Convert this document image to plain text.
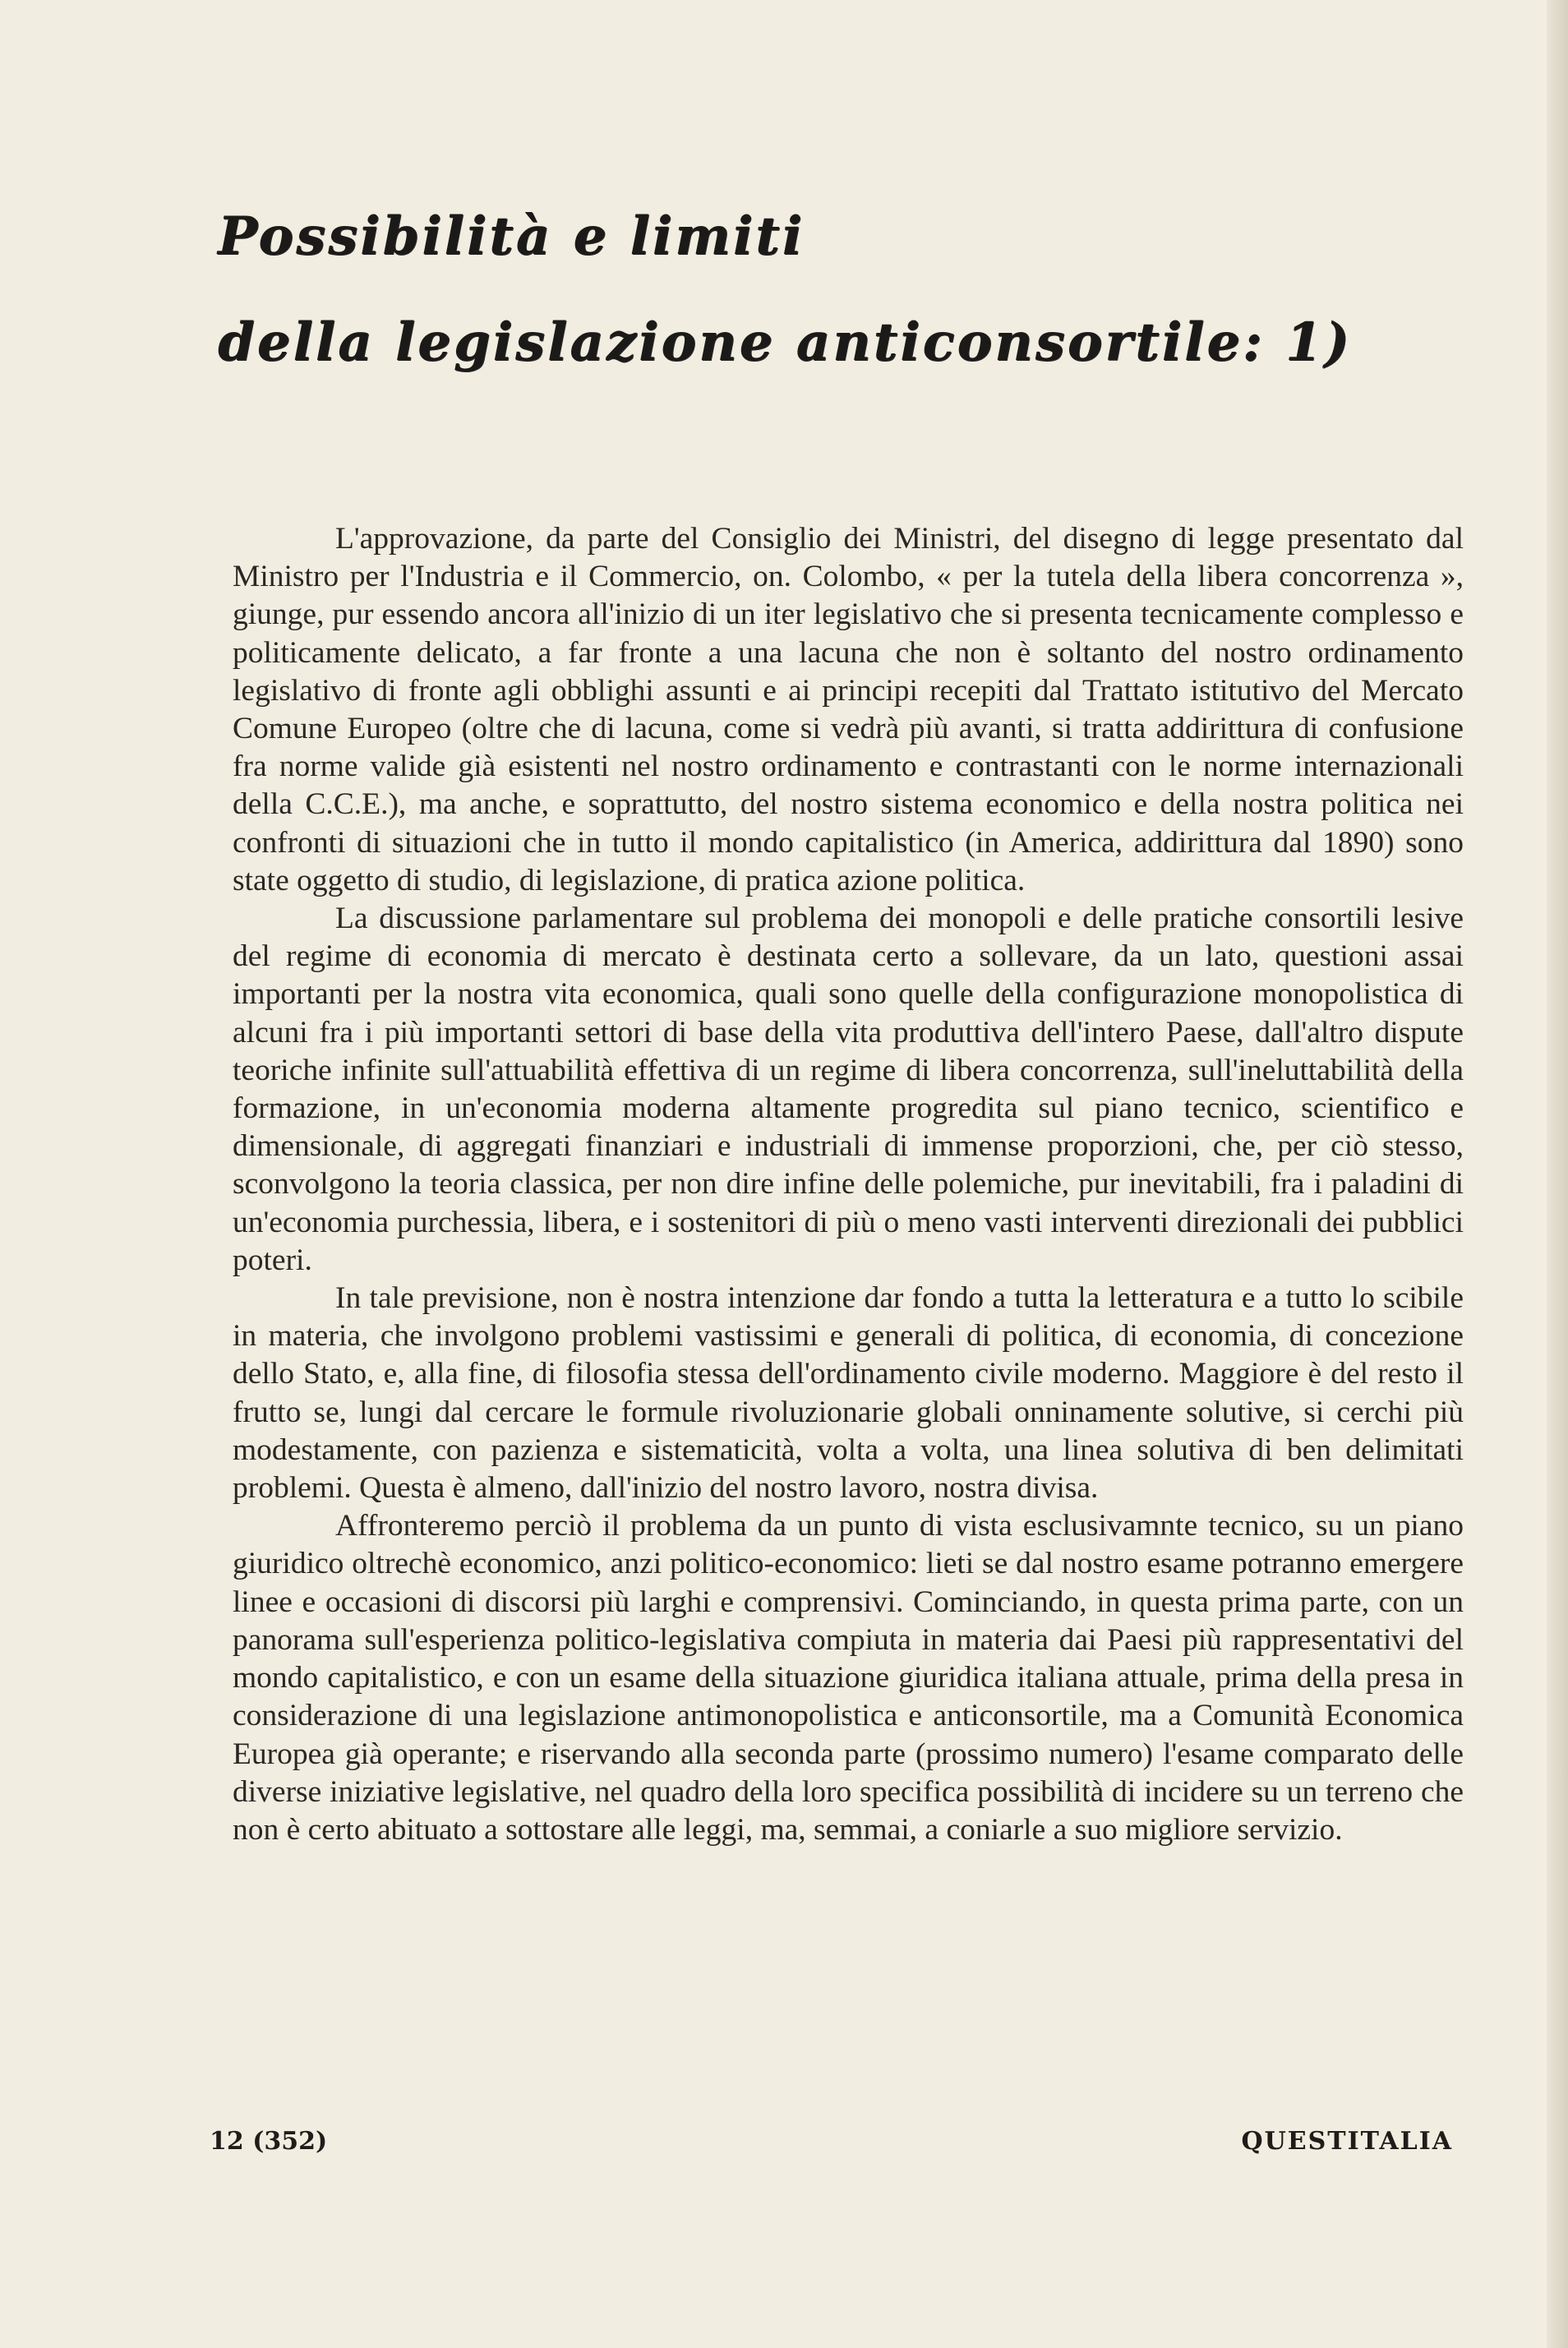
Possibilità e limiti
della legislazione anticonsortile: 1)

L'approvazione, da parte del Consiglio dei Ministri, del disegno di legge presentato dal Ministro per l'Industria e il Commercio, on. Colombo, « per la tutela della libera concorrenza », giunge, pur essendo ancora all'inizio di un iter legislativo che si presenta tecnicamente complesso e politicamente delicato, a far fronte a una lacuna che non è soltanto del nostro ordinamento legislativo di fronte agli obblighi assunti e ai principi recepiti dal Trattato istitutivo del Mercato Comune Europeo (oltre che di lacuna, come si vedrà più avanti, si tratta addirittura di confusione fra norme valide già esistenti nel nostro ordinamento e contrastanti con le norme internazionali della C.C.E.), ma anche, e soprattutto, del nostro sistema economico e della nostra politica nei confronti di situazioni che in tutto il mondo capitalistico (in America, addirittura dal 1890) sono state oggetto di studio, di legislazione, di pratica azione politica.

La discussione parlamentare sul problema dei monopoli e delle pratiche consortili lesive del regime di economia di mercato è destinata certo a sollevare, da un lato, questioni assai importanti per la nostra vita economica, quali sono quelle della configurazione monopolistica di alcuni fra i più importanti settori di base della vita produttiva dell'intero Paese, dall'altro dispute teoriche infinite sull'attuabilità effettiva di un regime di libera concorrenza, sull'ineluttabilità della formazione, in un'economia moderna altamente progredita sul piano tecnico, scientifico e dimensionale, di aggregati finanziari e industriali di immense proporzioni, che, per ciò stesso, sconvolgono la teoria classica, per non dire infine delle polemiche, pur inevitabili, fra i paladini di un'economia purchessia, libera, e i sostenitori di più o meno vasti interventi direzionali dei pubblici poteri.

In tale previsione, non è nostra intenzione dar fondo a tutta la letteratura e a tutto lo scibile in materia, che involgono problemi vastissimi e generali di politica, di economia, di concezione dello Stato, e, alla fine, di filosofia stessa dell'ordinamento civile moderno. Maggiore è del resto il frutto se, lungi dal cercare le formule rivoluzionarie globali onninamente solutive, si cerchi più modestamente, con pazienza e sistematicità, volta a volta, una linea solutiva di ben delimitati problemi. Questa è almeno, dall'inizio del nostro lavoro, nostra divisa.

Affronteremo perciò il problema da un punto di vista esclusivamnte tecnico, su un piano giuridico oltrechè economico, anzi politico-economico: lieti se dal nostro esame potranno emergere linee e occasioni di discorsi più larghi e comprensivi. Cominciando, in questa prima parte, con un panorama sull'esperienza politico-legislativa compiuta in materia dai Paesi più rappresentativi del mondo capitalistico, e con un esame della situazione giuridica italiana attuale, prima della presa in considerazione di una legislazione antimonopolistica e anticonsortile, ma a Comunità Economica Europea già operante; e riservando alla seconda parte (prossimo numero) l'esame comparato delle diverse iniziative legislative, nel quadro della loro specifica possibilità di incidere su un terreno che non è certo abituato a sottostare alle leggi, ma, semmai, a coniarle a suo migliore servizio.

12 (352)	QUESTITALIA
